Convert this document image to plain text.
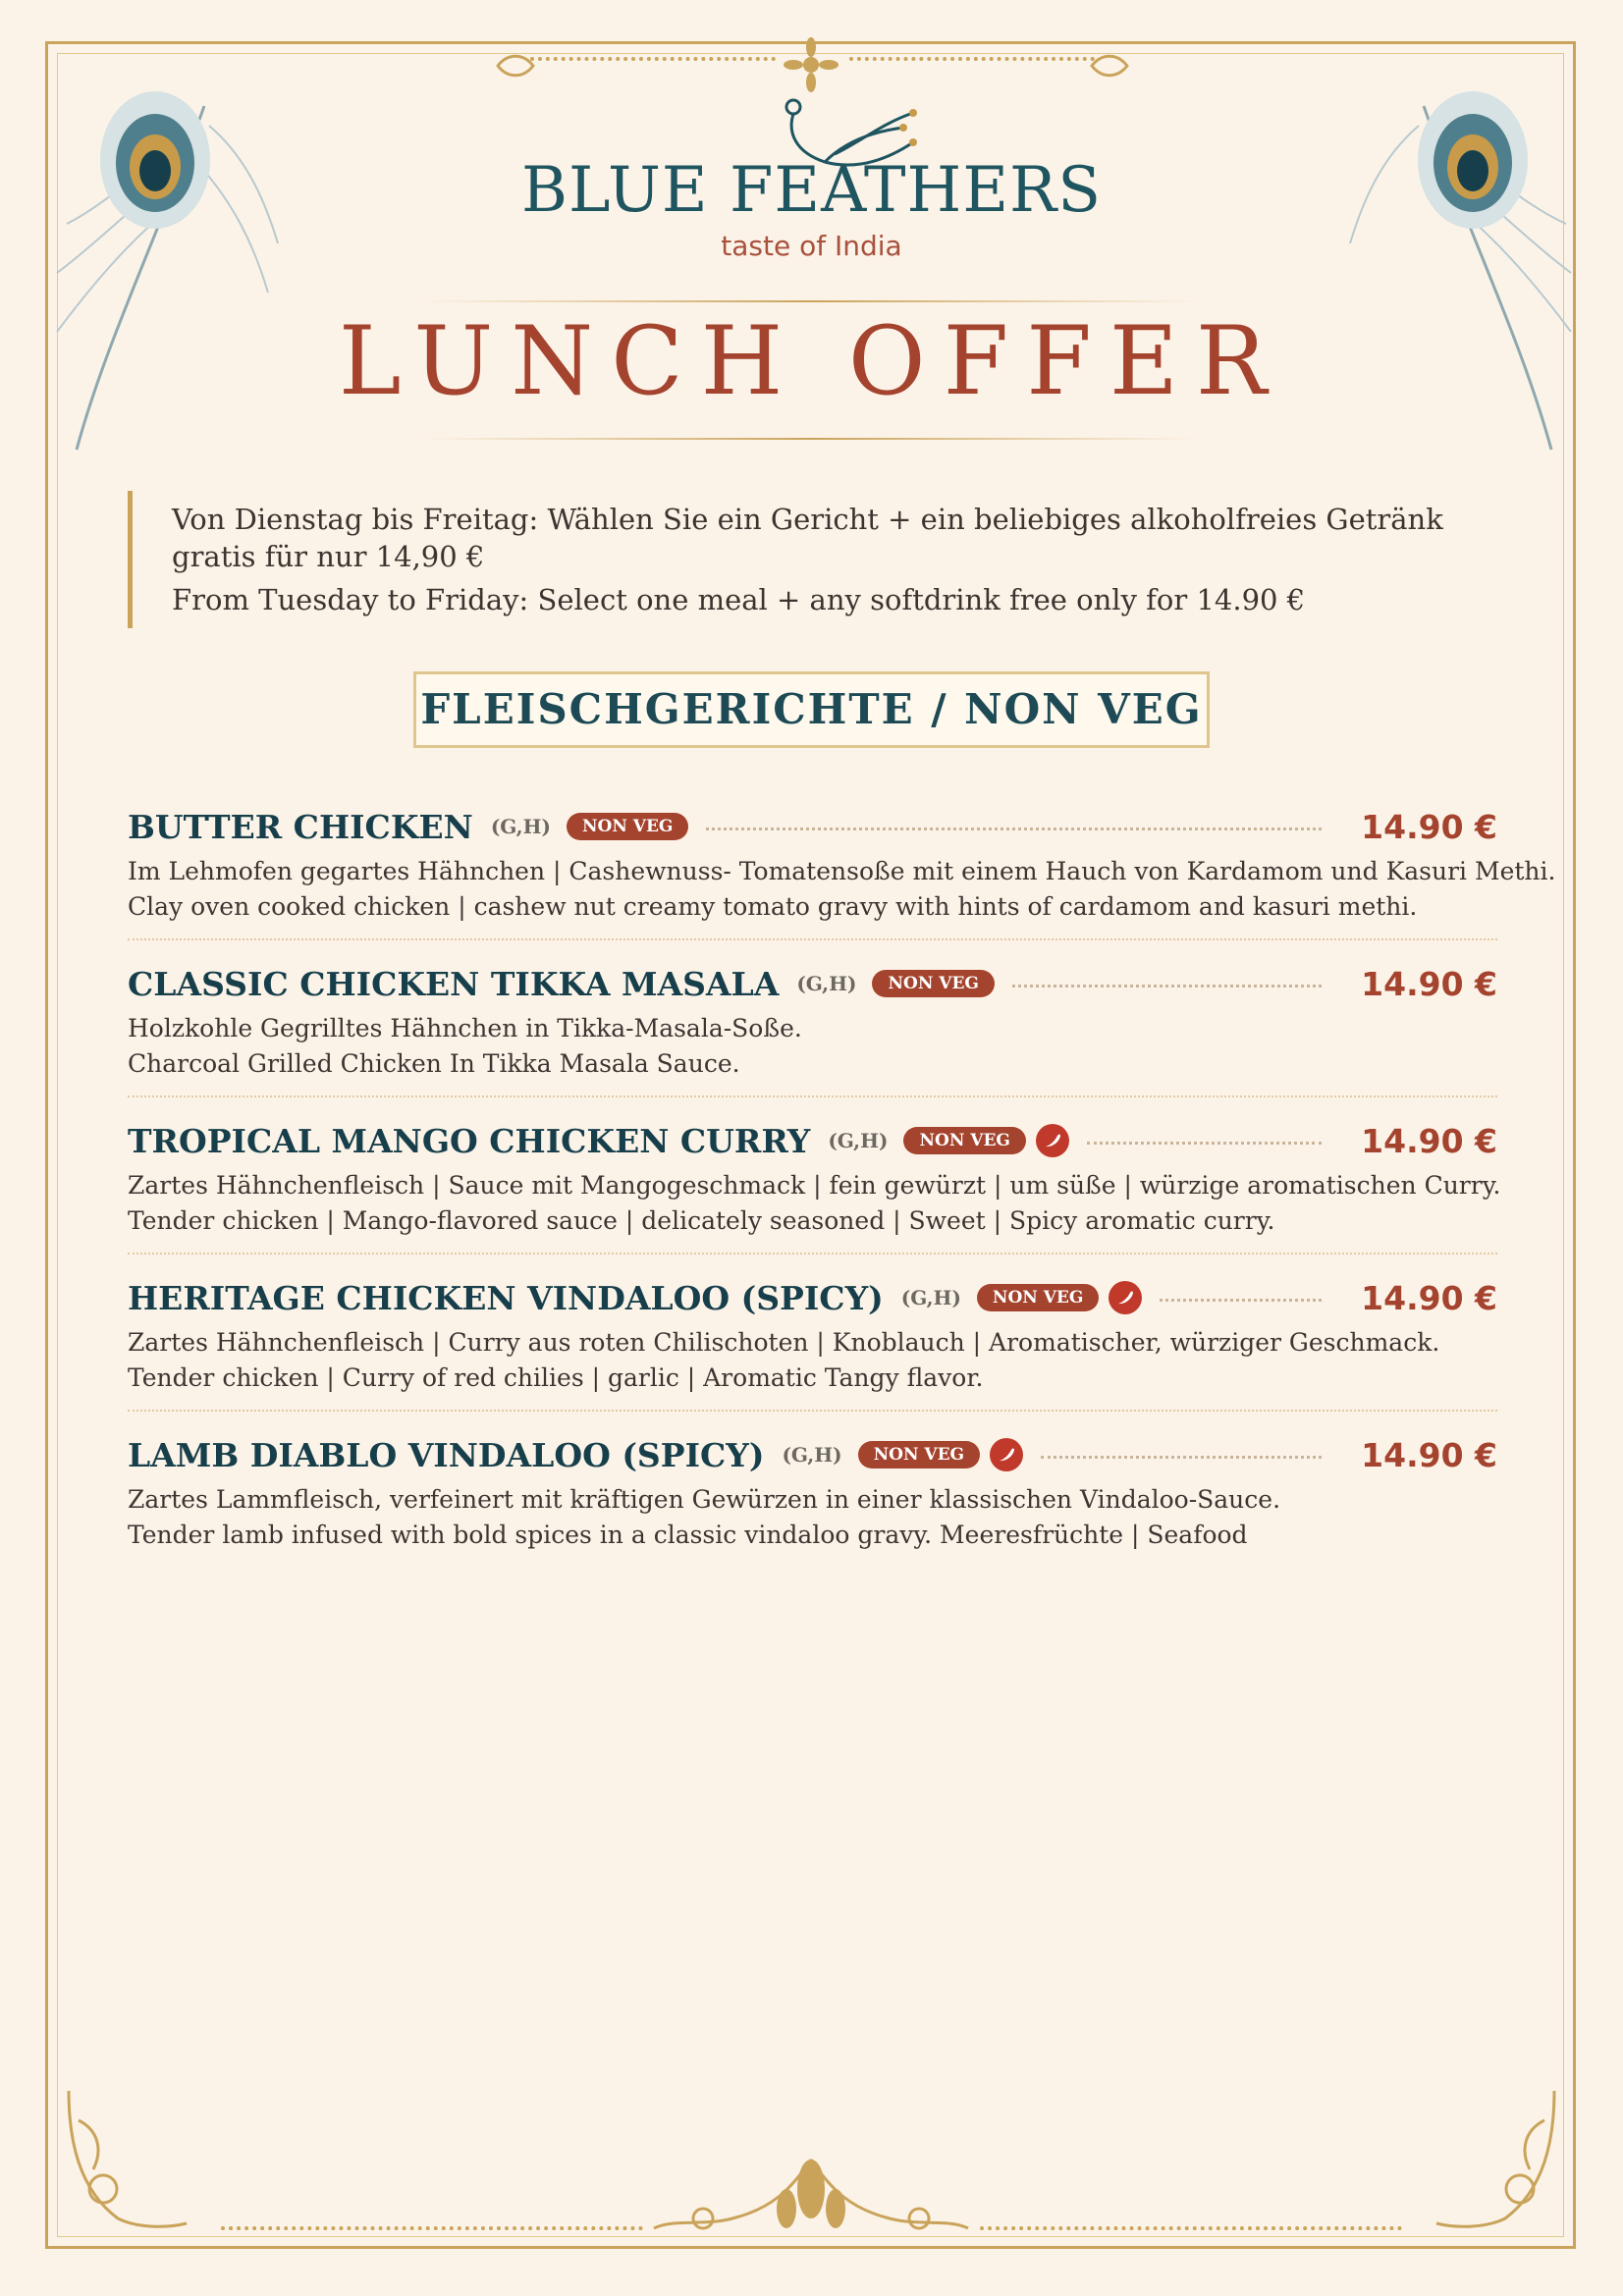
BLUE FEATHERS
taste of India
LUNCH OFFER

Von Dienstag bis Freitag: Wählen Sie ein Gericht + ein beliebiges alkoholfreies Getränk gratis für nur 14,90 €

From Tuesday to Friday: Select one meal + any softdrink free only for 14.90 €

FLEISCHGERICHTE / NON VEG
BUTTER CHICKEN (G,H)	NON VEG	14.90 €
Im Lehmofen gegartes Hähnchen | Cashewnuss- Tomatensoße mit einem Hauch von Kardamom und Kasuri Methi.
Clay oven cooked chicken | cashew nut creamy tomato gravy with hints of cardamom and kasuri methi.
CLASSIC CHICKEN TIKKA MASALA (G,H)	NON VEG	14.90 €
Holzkohle Gegrilltes Hähnchen in Tikka-Masala-Soße.
Charcoal Grilled Chicken In Tikka Masala Sauce.
TROPICAL MANGO CHICKEN CURRY (G,H)	NON VEG	14.90 €
Zartes Hähnchenfleisch | Sauce mit Mangogeschmack | fein gewürzt | um süße | würzige aromatischen Curry.
Tender chicken | Mango-flavored sauce | delicately seasoned | Sweet | Spicy aromatic curry.
HERITAGE CHICKEN VINDALOO (SPICY) (G,H)	NON VEG	14.90 €
Zartes Hähnchenfleisch | Curry aus roten Chilischoten | Knoblauch | Aromatischer, würziger Geschmack.
Tender chicken | Curry of red chilies | garlic | Aromatic Tangy flavor.
LAMB DIABLO VINDALOO (SPICY) (G,H)	NON VEG	14.90 €
Zartes Lammfleisch, verfeinert mit kräftigen Gewürzen in einer klassischen Vindaloo-Sauce.
Tender lamb infused with bold spices in a classic vindaloo gravy. Meeresfrüchte | Seafood
